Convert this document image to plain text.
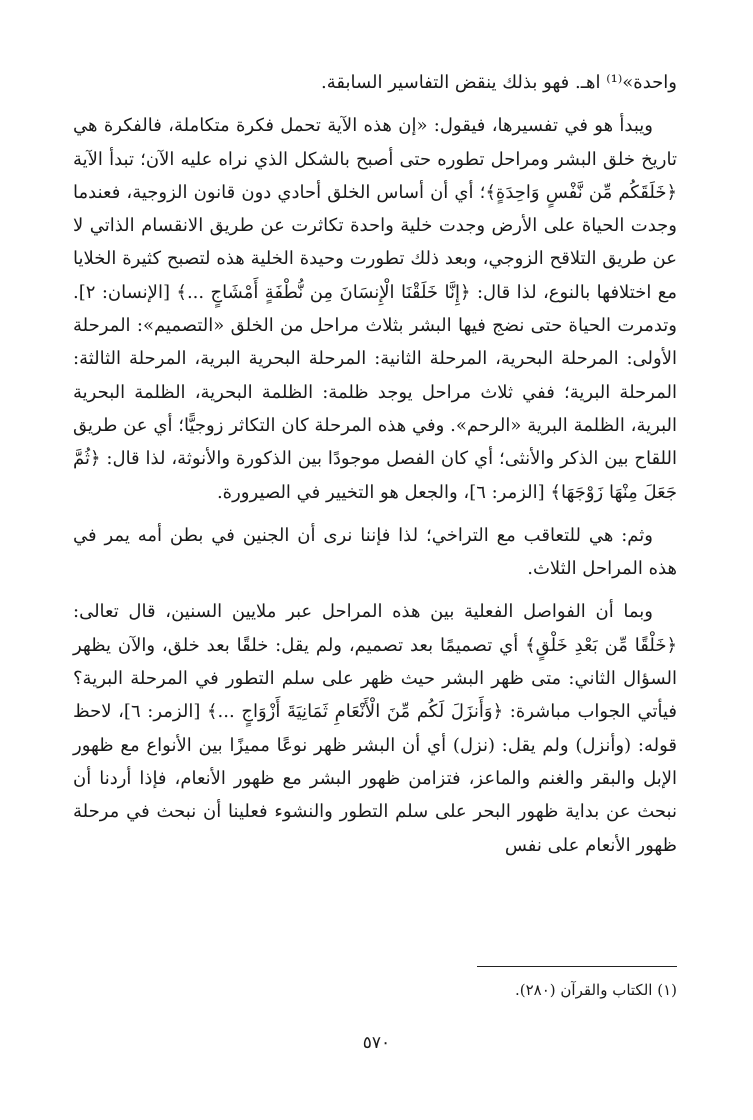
واحدة»⁽¹⁾ اهـ. فهو بذلك ينقض التفاسير السابقة.

ويبدأ هو في تفسيرها، فيقول: «إن هذه الآية تحمل فكرة متكاملة، فالفكرة هي تاريخ خلق البشر ومراحل تطوره حتى أصبح بالشكل الذي نراه عليه الآن؛ تبدأ الآية ﴿خَلَقَكُم مِّن نَّفْسٍ وَاحِدَةٍ﴾؛ أي أن أساس الخلق أحادي دون قانون الزوجية، فعندما وجدت الحياة على الأرض وجدت خلية واحدة تكاثرت عن طريق الانقسام الذاتي لا عن طريق التلاقح الزوجي، وبعد ذلك تطورت وحيدة الخلية هذه لتصبح كثيرة الخلايا مع اختلافها بالنوع، لذا قال: ﴿إِنَّا خَلَقْنَا الْإِنسَانَ مِن نُّطْفَةٍ أَمْشَاجٍ ...﴾ [الإنسان: ٢]. وتدمرت الحياة حتى نضج فيها البشر بثلاث مراحل من الخلق «التصميم»: المرحلة الأولى: المرحلة البحرية، المرحلة الثانية: المرحلة البحرية البرية، المرحلة الثالثة: المرحلة البرية؛ ففي ثلاث مراحل يوجد ظلمة: الظلمة البحرية، الظلمة البحرية البرية، الظلمة البرية «الرحم». وفي هذه المرحلة كان التكاثر زوجيًّا؛ أي عن طريق اللقاح بين الذكر والأنثى؛ أي كان الفصل موجودًا بين الذكورة والأنوثة، لذا قال: ﴿ثُمَّ جَعَلَ مِنْهَا زَوْجَهَا﴾ [الزمر: ٦]، والجعل هو التخيير في الصيرورة.

وثم: هي للتعاقب مع التراخي؛ لذا فإننا نرى أن الجنين في بطن أمه يمر في هذه المراحل الثلاث.

وبما أن الفواصل الفعلية بين هذه المراحل عبر ملايين السنين، قال تعالى: ﴿خَلْقًا مِّن بَعْدِ خَلْقٍ﴾ أي تصميمًا بعد تصميم، ولم يقل: خلقًا بعد خلق، والآن يظهر السؤال الثاني: متى ظهر البشر حيث ظهر على سلم التطور في المرحلة البرية؟ فيأتي الجواب مباشرة: ﴿وَأَنزَلَ لَكُم مِّنَ الْأَنْعَامِ ثَمَانِيَةَ أَزْوَاجٍ ...﴾ [الزمر: ٦]، لاحظ قوله: (وأنزل) ولم يقل: (نزل) أي أن البشر ظهر نوعًا مميزًا بين الأنواع مع ظهور الإبل والبقر والغنم والماعز، فتزامن ظهور البشر مع ظهور الأنعام، فإذا أردنا أن نبحث عن بداية ظهور البحر على سلم التطور والنشوء فعلينا أن نبحث في مرحلة ظهور الأنعام على نفس

(١) الكتاب والقرآن (٢٨٠).
٥٧٠
